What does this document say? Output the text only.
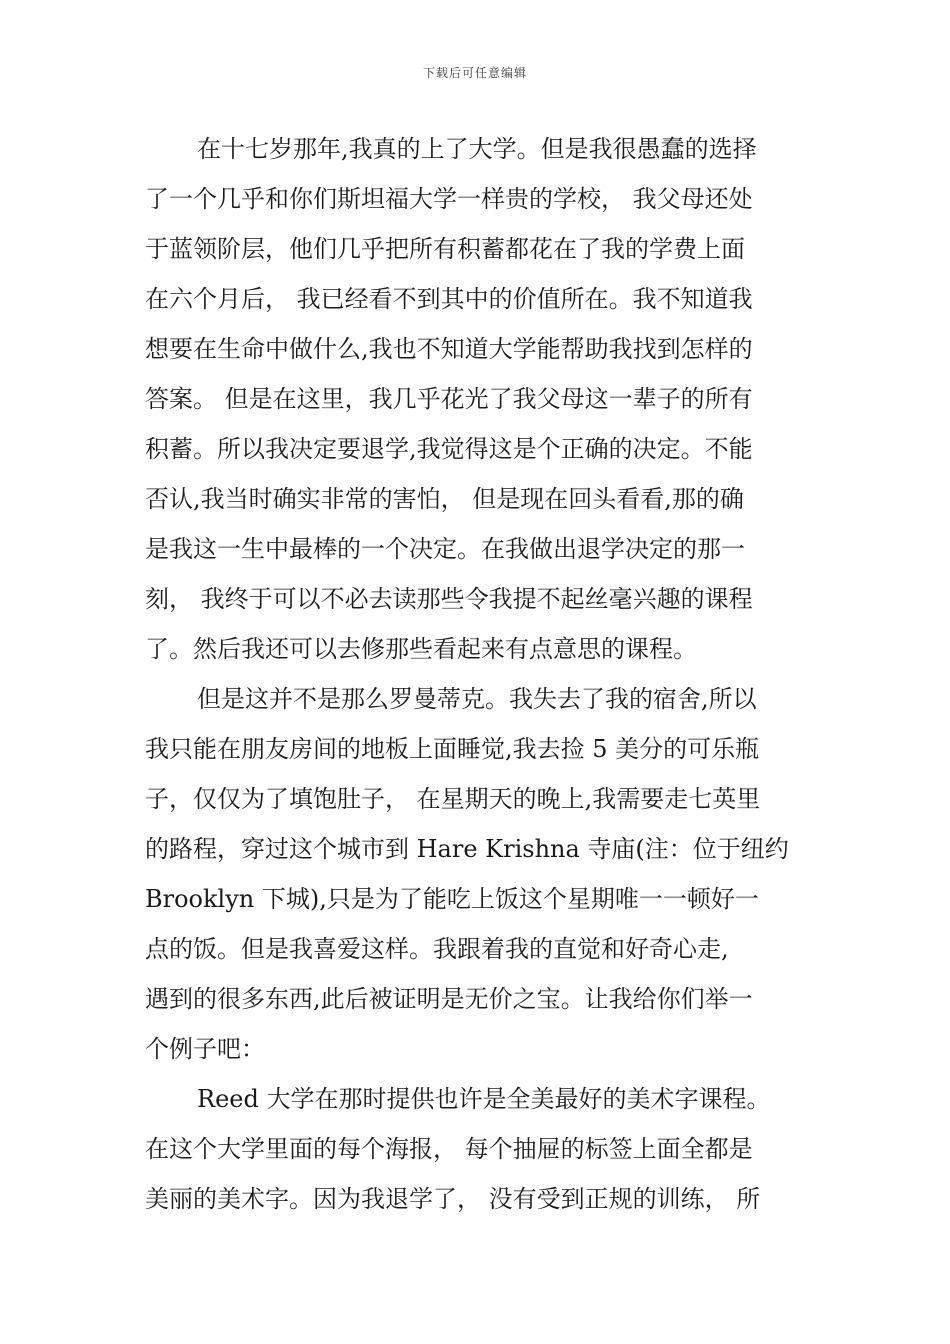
下载后可任意编辑
在十七岁那年,我真的上了大学。但是我很愚蠢的选择
了一个几乎和你们斯坦福大学一样贵的学校， 我父母还处
于蓝领阶层，他们几乎把所有积蓄都花在了我的学费上面
在六个月后， 我已经看不到其中的价值所在。我不知道我
想要在生命中做什么,我也不知道大学能帮助我找到怎样的
答案。 但是在这里，我几乎花光了我父母这一辈子的所有
积蓄。所以我决定要退学,我觉得这是个正确的决定。不能
否认,我当时确实非常的害怕， 但是现在回头看看,那的确
是我这一生中最棒的一个决定。在我做出退学决定的那一
刻， 我终于可以不必去读那些令我提不起丝毫兴趣的课程
了。然后我还可以去修那些看起来有点意思的课程。
但是这并不是那么罗曼蒂克。我失去了我的宿舍,所以
我只能在朋友房间的地板上面睡觉,我去捡 5 美分的可乐瓶
子，仅仅为了填饱肚子， 在星期天的晚上,我需要走七英里
的路程，穿过这个城市到 Hare Krishna 寺庙(注：位于纽约
Brooklyn 下城),只是为了能吃上饭这个星期唯一一顿好一
点的饭。但是我喜爱这样。我跟着我的直觉和好奇心走,
遇到的很多东西,此后被证明是无价之宝。让我给你们举一
个例子吧：
Reed 大学在那时提供也许是全美最好的美术字课程。
在这个大学里面的每个海报， 每个抽屉的标签上面全都是
美丽的美术字。因为我退学了， 没有受到正规的训练， 所
